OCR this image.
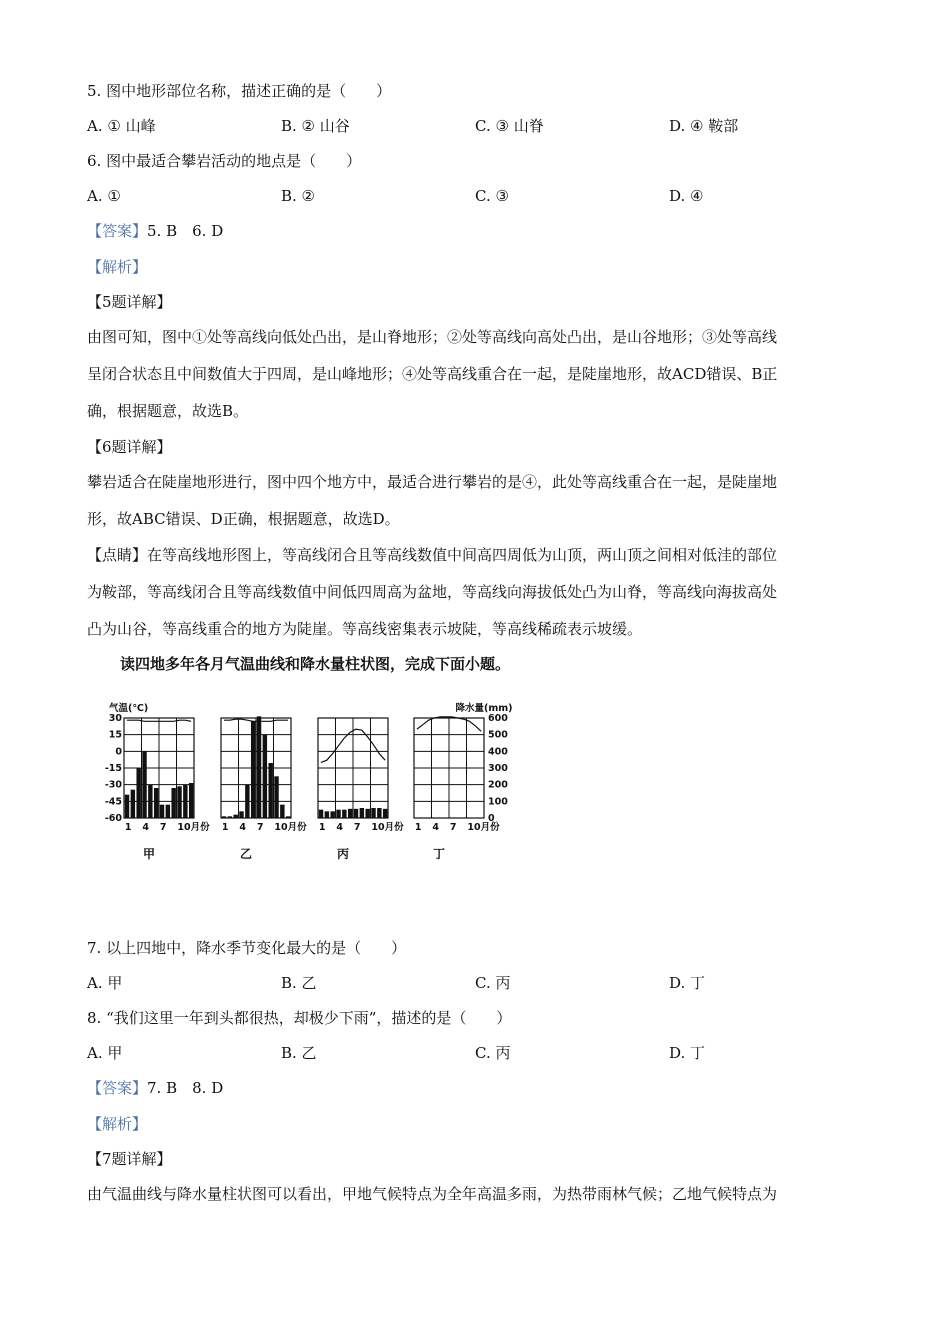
5. 图中地形部位名称，描述正确的是（　　）
A. ① 山峰	B. ② 山谷	C. ③ 山脊	D. ④ 鞍部
6. 图中最适合攀岩活动的地点是（　　）
A. ①	B. ②	C. ③	D. ④
【答案】5. B　6. D
【解析】
【5题详解】
由图可知，图中①处等高线向低处凸出，是山脊地形；②处等高线向高处凸出，是山谷地形；③处等高线
呈闭合状态且中间数值大于四周，是山峰地形；④处等高线重合在一起，是陡崖地形，故ACD错误、B正
确，根据题意，故选B。
【6题详解】
攀岩适合在陡崖地形进行，图中四个地方中，最适合进行攀岩的是④，此处等高线重合在一起，是陡崖地
形，故ABC错误、D正确，根据题意，故选D。
【点睛】在等高线地形图上，等高线闭合且等高线数值中间高四周低为山顶，两山顶之间相对低洼的部位
为鞍部，等高线闭合且等高线数值中间低四周高为盆地，等高线向海拔低处凸为山脊，等高线向海拔高处
凸为山谷，等高线重合的地方为陡崖。等高线密集表示坡陡，等高线稀疏表示坡缓。
读四地多年各月气温曲线和降水量柱状图，完成下面小题。
气温(℃)
30
15
0
-15
-30
-45
-60
降水量(mm)
600
500
400
300
200
100
0
1 4 7 10月份
甲
1 4 7 10月份
乙
1 4 7 10月份
丙
1 4 7 10月份
丁
7. 以上四地中，降水季节变化最大的是（　　）
A. 甲	B. 乙	C. 丙	D. 丁
8. “我们这里一年到头都很热，却极少下雨”，描述的是（　　）
A. 甲	B. 乙	C. 丙	D. 丁
【答案】7. B　8. D
【解析】
【7题详解】
由气温曲线与降水量柱状图可以看出，甲地气候特点为全年高温多雨，为热带雨林气候；乙地气候特点为
